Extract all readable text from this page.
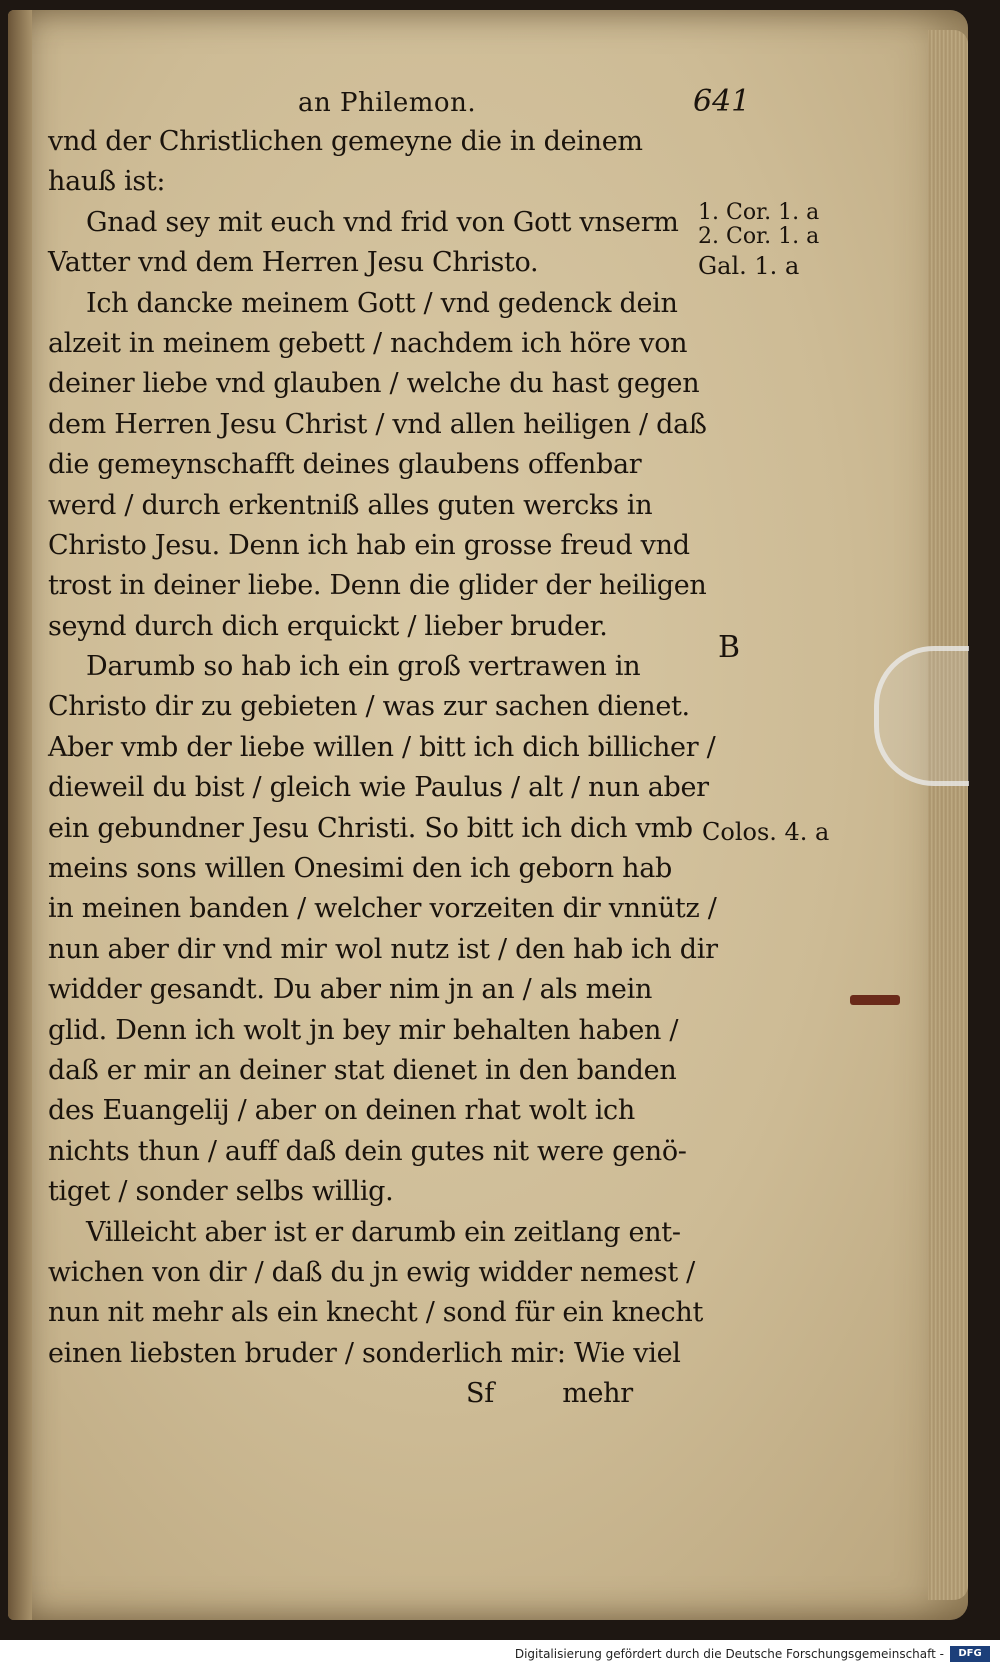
an Philemon.	641
vnd der Christlichen gemeyne die in deinem
hauß ist:
Gnad sey mit euch vnd frid von Gott vnserm
Vatter vnd dem Herren Jesu Christo.
Ich dancke meinem Gott / vnd gedenck dein
alzeit in meinem gebett / nachdem ich höre von
deiner liebe vnd glauben / welche du hast gegen
dem Herren Jesu Christ / vnd allen heiligen / daß
die gemeynschafft deines glaubens offenbar
werd / durch erkentniß alles guten wercks in
Christo Jesu. Denn ich hab ein grosse freud vnd
trost in deiner liebe. Denn die glider der heiligen
seynd durch dich erquickt / lieber bruder.
Darumb so hab ich ein groß vertrawen in
Christo dir zu gebieten / was zur sachen dienet.
Aber vmb der liebe willen / bitt ich dich billicher /
dieweil du bist / gleich wie Paulus / alt / nun aber
ein gebundner Jesu Christi. So bitt ich dich vmb
meins sons willen Onesimi den ich geborn hab
in meinen banden / welcher vorzeiten dir vnnütz /
nun aber dir vnd mir wol nutz ist / den hab ich dir
widder gesandt. Du aber nim jn an / als mein
glid. Denn ich wolt jn bey mir behalten haben /
daß er mir an deiner stat dienet in den banden
des Euangelij / aber on deinen rhat wolt ich
nichts thun / auff daß dein gutes nit were genö-
tiget / sonder selbs willig.
Villeicht aber ist er darumb ein zeitlang ent-
wichen von dir / daß du jn ewig widder nemest /
nun nit mehr als ein knecht / sond für ein knecht
einen liebsten bruder / sonderlich mir: Wie viel
Sf	mehr
1. Cor. 1. a
2. Cor. 1. a
Gal. 1. a
B
Colos. 4. a
Digitalisierung gefördert durch die Deutsche Forschungsgemeinschaft -	DFG
